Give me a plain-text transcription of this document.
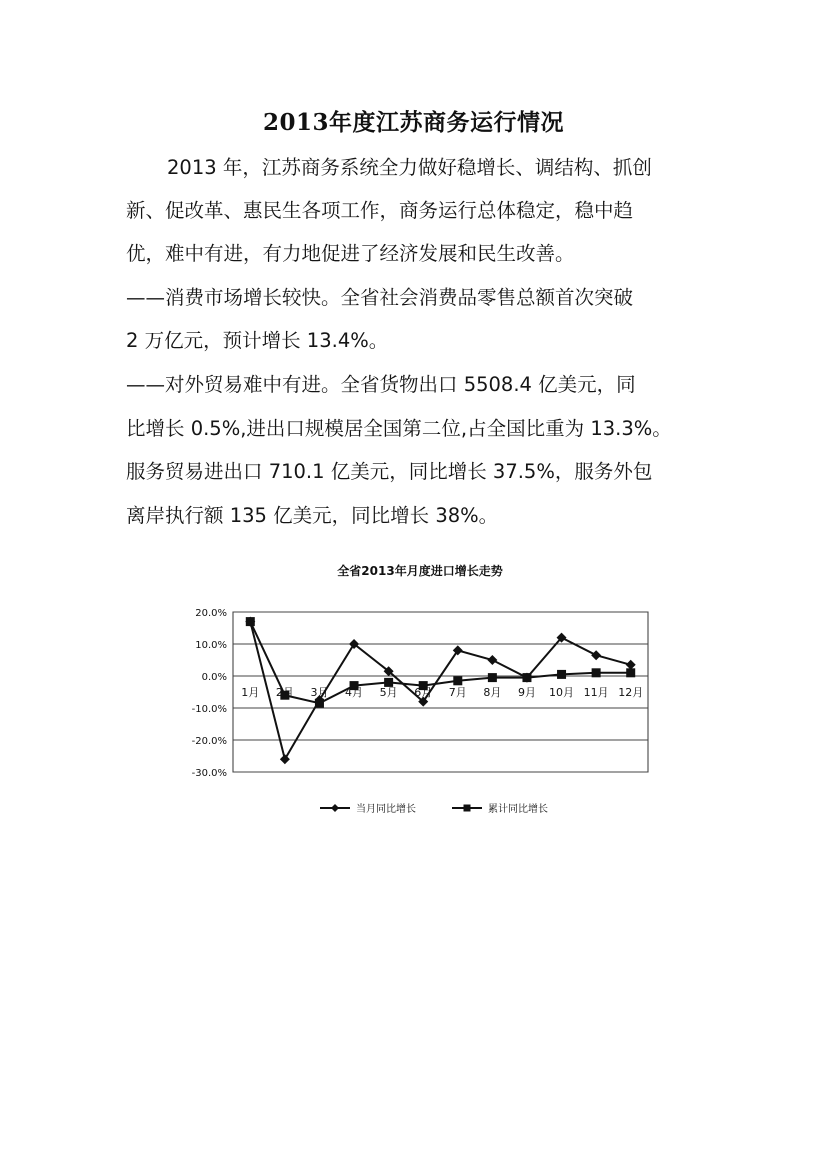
2013年度江苏商务运行情况
2013 年，江苏商务系统全力做好稳增长、调结构、抓创
新、促改革、惠民生各项工作，商务运行总体稳定，稳中趋
优，难中有进，有力地促进了经济发展和民生改善。
——消费市场增长较快。全省社会消费品零售总额首次突破
2 万亿元，预计增长 13.4%。
——对外贸易难中有进。全省货物出口 5508.4 亿美元，同
比增长 0.5%,进出口规模居全国第二位,占全国比重为 13.3%。
服务贸易进出口 710.1 亿美元，同比增长 37.5%，服务外包
离岸执行额 135 亿美元，同比增长 38%。
全省2013年月度进口增长走势
20.0%
10.0%
0.0%
-10.0%
-20.0%
-30.0%
1月 2月 3月 4月 5月 6月 7月 8月 9月 10月 11月 12月
当月同比增长	累计同比增长
